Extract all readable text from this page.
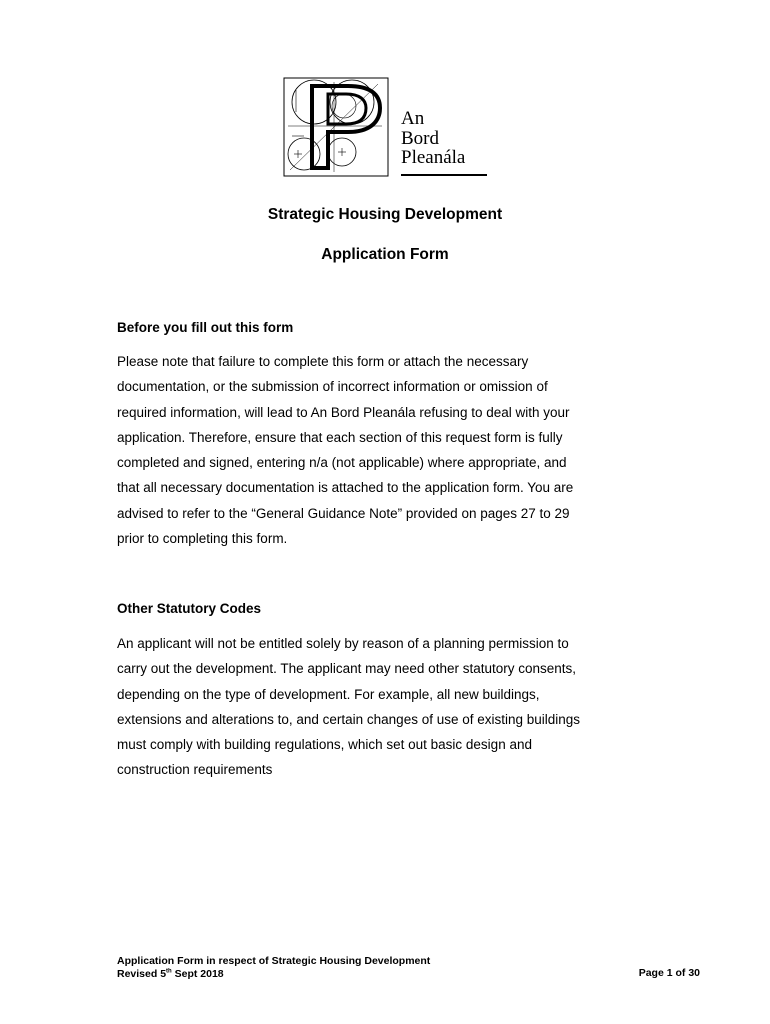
An
Bord
Pleanála
Strategic Housing Development
Application Form
Before you fill out this form
Please note that failure to complete this form or attach the necessary
documentation, or the submission of incorrect information or omission of
required information, will lead to An Bord Pleanála refusing to deal with your
application. Therefore, ensure that each section of this request form is fully
completed and signed, entering n/a (not applicable) where appropriate, and
that all necessary documentation is attached to the application form. You are
advised to refer to the “General Guidance Note” provided on pages 27 to 29
prior to completing this form.
Other Statutory Codes
An applicant will not be entitled solely by reason of a planning permission to
carry out the development. The applicant may need other statutory consents,
depending on the type of development. For example, all new buildings,
extensions and alterations to, and certain changes of use of existing buildings
must comply with building regulations, which set out basic design and
construction requirements
Application Form in respect of Strategic Housing Development
Revised 5th Sept 2018	Page 1 of 30
